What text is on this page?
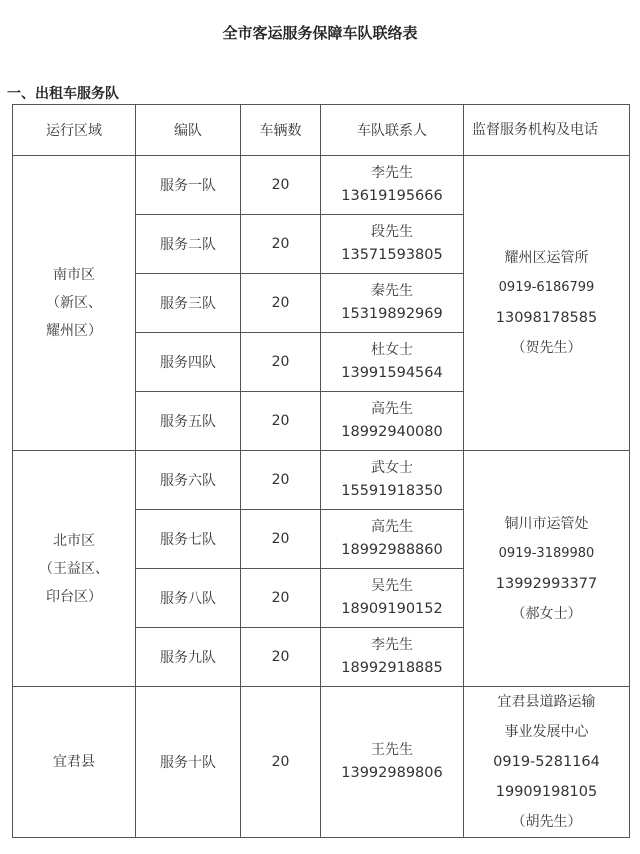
全市客运服务保障车队联络表
一、出租车服务队
运行区域	编队	车辆数	车队联系人	监督服务机构及电话

南市区
（新区、
耀州区）	服务一队	20	李先生
13619195666	耀州区运管所
0919-6186799
13098178585
（贺先生）

	服务二队	20	段先生
13571593805	

	服务三队	20	秦先生
15319892969	

	服务四队	20	杜女士
13991594564	

	服务五队	20	高先生
18992940080	

北市区
（王益区、
印台区）	服务六队	20	武女士
15591918350	铜川市运管处
0919-3189980
13992993377
（郝女士）

	服务七队	20	高先生
18992988860	

	服务八队	20	吴先生
18909190152	

	服务九队	20	李先生
18992918885	

宜君县	服务十队	20	王先生
13992989806	宜君县道路运输
事业发展中心
0919-5281164
19909198105
（胡先生）
